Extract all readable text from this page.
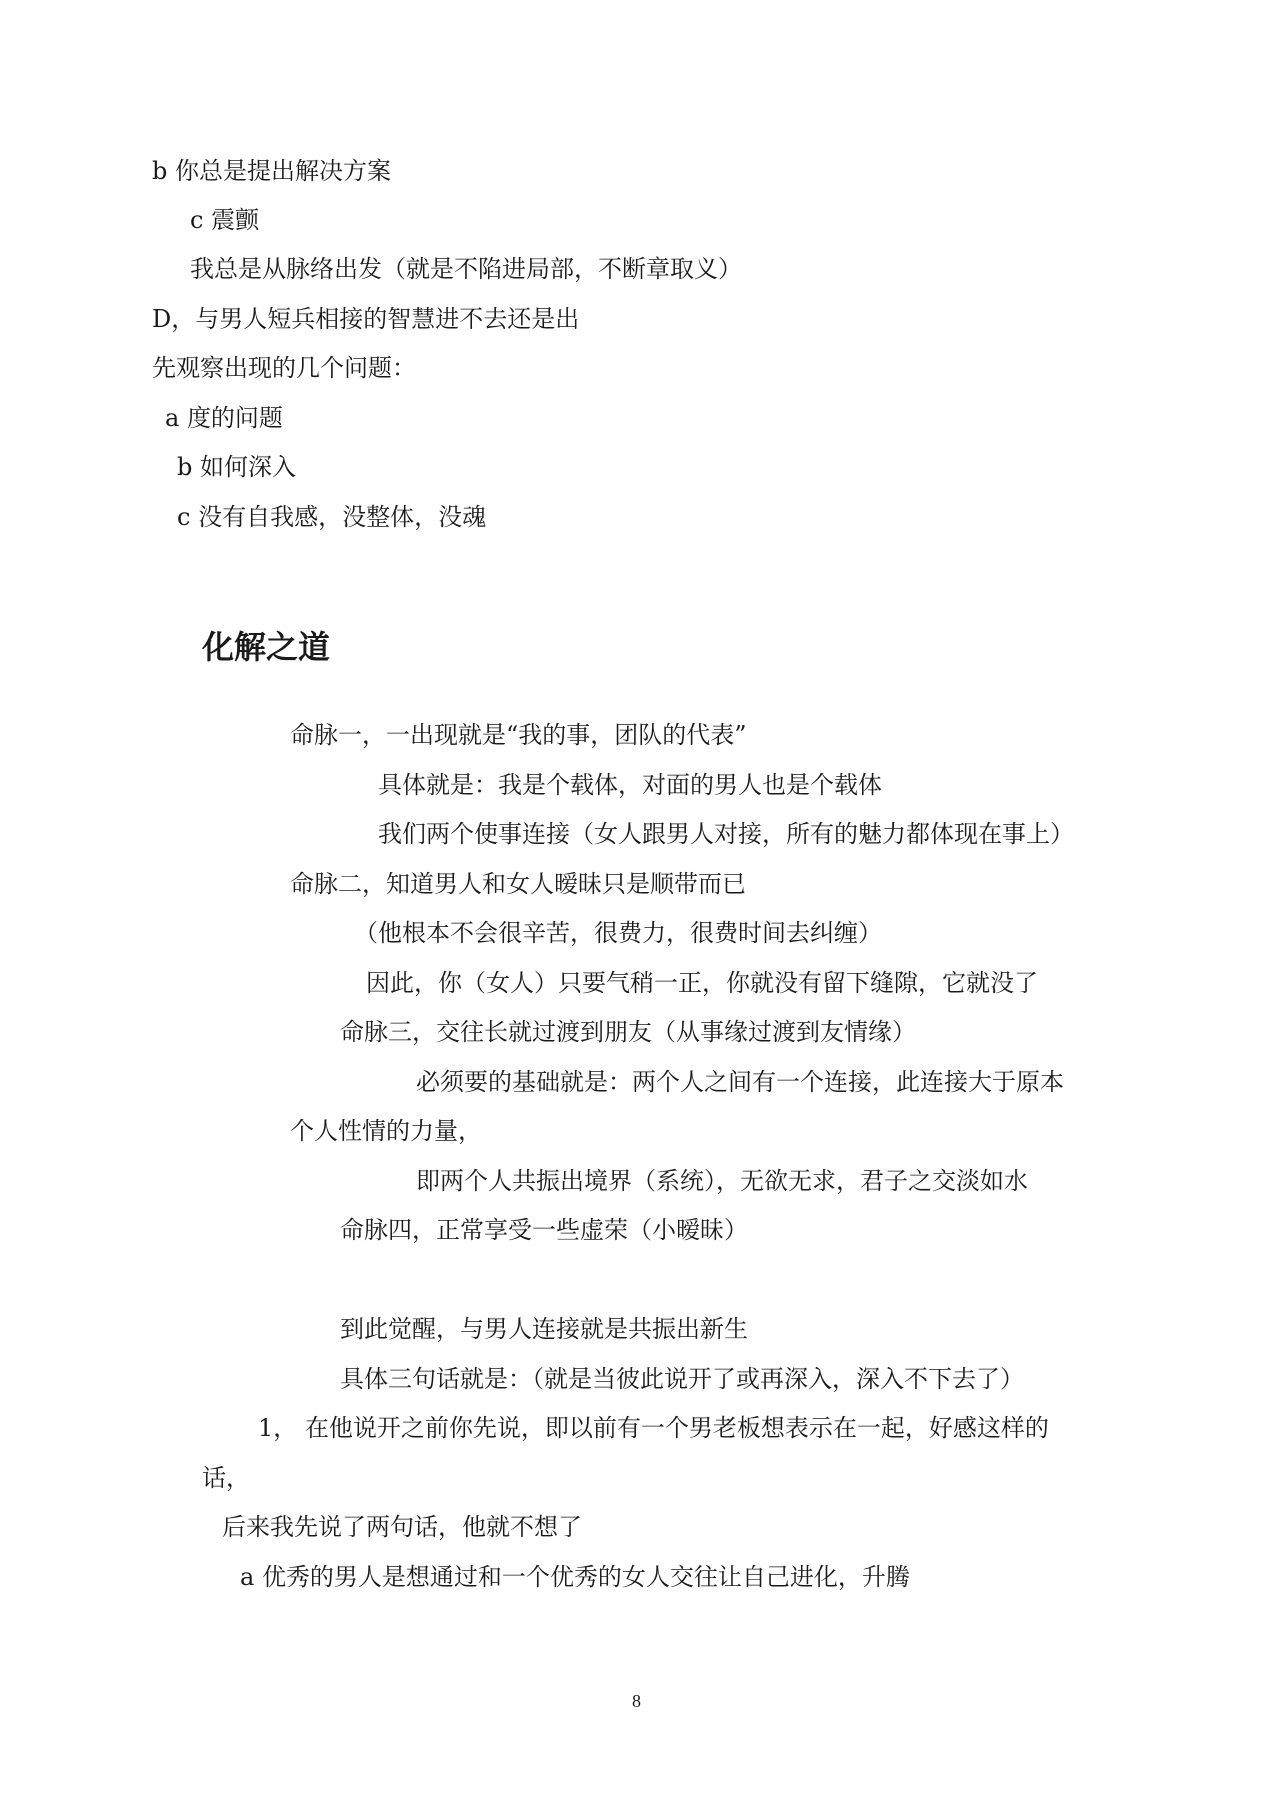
b 你总是提出解决方案
c 震颤
我总是从脉络出发（就是不陷进局部，不断章取义）
D，与男人短兵相接的智慧进不去还是出
先观察出现的几个问题：
a 度的问题
b 如何深入
c 没有自我感，没整体，没魂
化解之道
命脉一，一出现就是“我的事，团队的代表”
具体就是：我是个载体，对面的男人也是个载体
我们两个使事连接（女人跟男人对接，所有的魅力都体现在事上）
命脉二，知道男人和女人暧昧只是顺带而已
（他根本不会很辛苦，很费力，很费时间去纠缠）
因此，你（女人）只要气稍一正，你就没有留下缝隙，它就没了
命脉三，交往长就过渡到朋友（从事缘过渡到友情缘）
必须要的基础就是：两个人之间有一个连接，此连接大于原本
个人性情的力量，
即两个人共振出境界（系统），无欲无求，君子之交淡如水
命脉四，正常享受一些虚荣（小暧昧）
到此觉醒，与男人连接就是共振出新生
具体三句话就是：（就是当彼此说开了或再深入，深入不下去了）
1， 在他说开之前你先说，即以前有一个男老板想表示在一起，好感这样的
话，
后来我先说了两句话，他就不想了
a 优秀的男人是想通过和一个优秀的女人交往让自己进化，升腾
8
